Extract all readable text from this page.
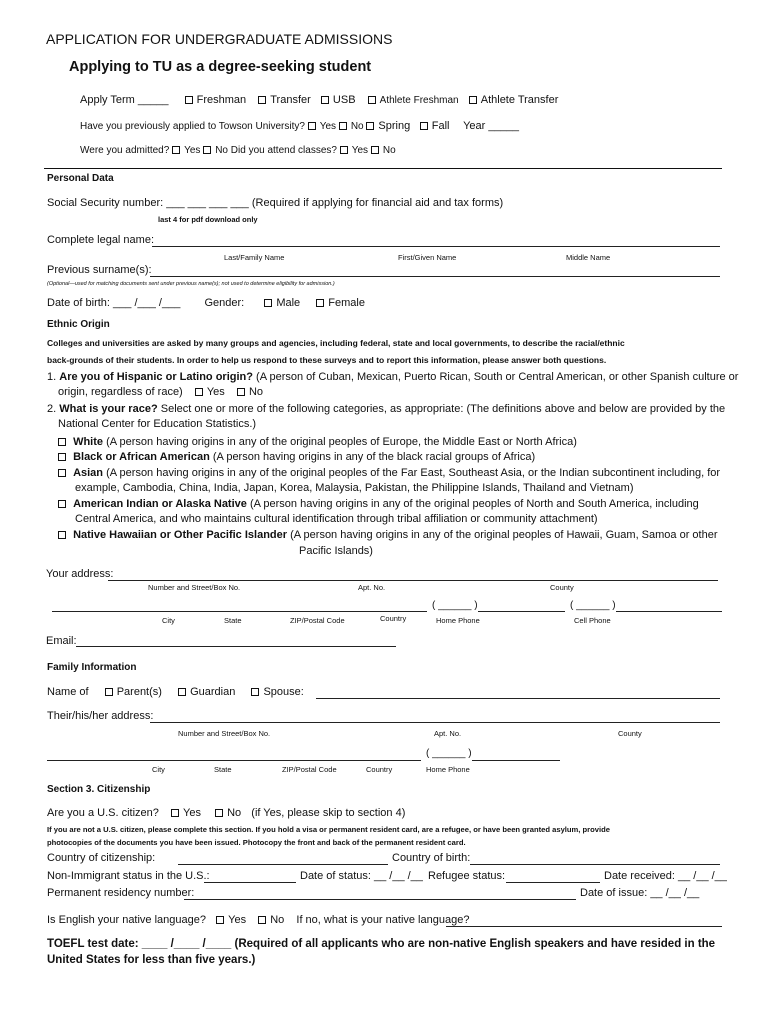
APPLICATION FOR UNDERGRADUATE ADMISSIONS
Applying to TU as a degree-seeking student
Apply Term _____	Freshman Transfer USB Athlete Freshman Athlete Transfer
Have you previously applied to Towson University? Yes No Spring Fall Year _____
Were you admitted? Yes No Did you attend classes? Yes No
Personal Data
Social Security number: ___ ___ ___ ___ (Required if applying for financial aid and tax forms)
last 4 for pdf download only
Complete legal name:
Last/Family Name	First/Given Name	Middle Name
Previous surname(s):
(Optional—used for matching documents sent under previous name(s); not used to determine eligibility for admission.)
Date of birth: ___ /___ /___ Gender:	Male	Female
Ethnic Origin
Colleges and universities are asked by many groups and agencies, including federal, state and local governments, to describe the racial/ethnic
back-grounds of their students. In order to help us respond to these surveys and to report this information, please answer both questions.
1. Are you of Hispanic or Latino origin? (A person of Cuban, Mexican, Puerto Rican, South or Central American, or other Spanish culture or
origin, regardless of race) Yes No
2. What is your race? Select one or more of the following categories, as appropriate: (The definitions above and below are provided by the
National Center for Education Statistics.)
White (A person having origins in any of the original peoples of Europe, the Middle East or North Africa)
Black or African American (A person having origins in any of the black racial groups of Africa)
Asian (A person having origins in any of the original peoples of the Far East, Southeast Asia, or the Indian subcontinent including, for
example, Cambodia, China, India, Japan, Korea, Malaysia, Pakistan, the Philippine Islands, Thailand and Vietnam)
American Indian or Alaska Native (A person having origins in any of the original peoples of North and South America, including
Central America, and who maintains cultural identification through tribal affiliation or community attachment)
Native Hawaiian or Other Pacific Islander (A person having origins in any of the original peoples of Hawaii, Guam, Samoa or other
Pacific Islands)
Your address:
Number and Street/Box No.	Apt. No.	County
( ______ )	( ______ )
City	State	ZIP/Postal Code	Country	Home Phone	Cell Phone
Email:
Family Information
Name of	Parent(s)	Guardian	Spouse:
Their/his/her address:
Number and Street/Box No.	Apt. No.	County
( ______ )
City	State	ZIP/Postal Code	Country	Home Phone
Section 3. Citizenship
Are you a U.S. citizen? Yes No (if Yes, please skip to section 4)
If you are not a U.S. citizen, please complete this section. If you hold a visa or permanent resident card, are a refugee, or have been granted asylum, provide
photocopies of the documents you have been issued. Photocopy the front and back of the permanent resident card.
Country of citizenship:	Country of birth:
Non-Immigrant status in the U.S.:	Date of status: __ /__ /__ Refugee status:	Date received: __ /__ /__
Permanent residency number:	Date of issue: __ /__ /__
Is English your native language? Yes No If no, what is your native language?
TOEFL test date: ____ /____ /____ (Required of all applicants who are non-native English speakers and have resided in the
United States for less than five years.)
